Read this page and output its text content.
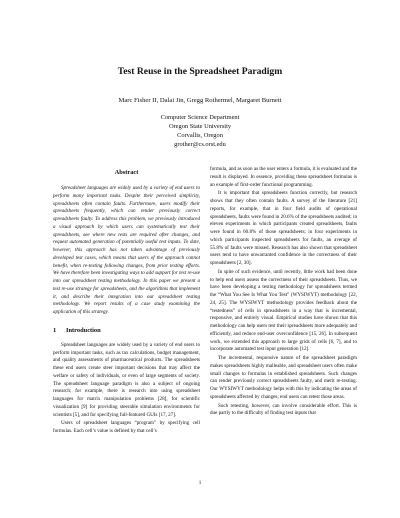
Test Reuse in the Spreadsheet Paradigm
Marc Fisher II, Dalai Jin, Gregg Rothermel, Margaret Burnett
Computer Science Department
Oregon State University
Corvallis, Oregon
grother@cs.orst.edu
Abstract

Spreadsheet languages are widely used by a variety of end users to perform many important tasks. Despite their perceived simplicity, spreadsheets often contain faults. Furthermore, users modify their spreadsheets frequently, which can render previously correct spreadsheets faulty. To address this problem, we previously introduced a visual approach by which users can systematically test their spreadsheets, see where new tests are required after changes, and request automated generation of potentially useful test inputs. To date, however, this approach has not taken advantage of previously developed test cases, which means that users of the approach cannot benefit, when re-testing following changes, from prior testing efforts. We have therefore been investigating ways to add support for test re-use into our spreadsheet testing methodology. In this paper we present a test re-use strategy for spreadsheets, and the algorithms that implement it, and describe their integration into our spreadsheet testing methodology. We report results of a case study examining the application of this strategy.

1 Introduction

Spreadsheet languages are widely used by a variety of end users to perform important tasks, such as tax calculations, budget management, and quality assessments of pharmaceutical products. The spreadsheets these end users create steer important decisions that may affect the welfare or safety of individuals, or even of large segments of society. The spreadsheet language paradigm is also a subject of ongoing research; for example, there is research into using spreadsheet languages for matrix manipulation problems [28], for scientific visualization [9] for providing steerable simulation environments for scientists [5], and for specifying full-featured GUIs [17, 27].

Users of spreadsheet languages “program” by specifying cell formulas. Each cell’s value is defined by that cell’s

formula, and as soon as the user enters a formula, it is evaluated and the result is displayed. In essence, providing these spreadsheet formulas is an example of first-order functional programming.

It is important that spreadsheets function correctly, but research shows that they often contain faults. A survey of the literature [21] reports, for example, that in four field audits of operational spreadsheets, faults were found in 20.6% of the spreadsheets audited; in eleven experiments in which participants created spreadsheets, faults were found in 60.8% of those spreadsheets; in four experiments in which participants inspected spreadsheets for faults, an average of 55.8% of faults were missed. Research has also shown that spreadsheet users tend to have unwarranted confidence in the correctness of their spreadsheets [2, 30].

In spite of such evidence, until recently, little work had been done to help end users assess the correctness of their spreadsheets. Thus, we have been developing a testing methodology for spreadsheets termed the “What You See Is What You Test” (WYSIWYT) methodology [22, 24, 25]. The WYSIWYT methodology provides feedback about the “testedness” of cells in spreadsheets in a way that is incremental, responsive, and entirely visual. Empirical studies have shown that this methodology can help users test their spreadsheets more adequately and efficiently, and reduce end-user overconfidence [15, 26]. In subsequent work, we extended this approach to large grids of cells [6, 7], and to incorporate automated test input generation [12].

The incremental, responsive nature of the spreadsheet paradigm makes spreadsheets highly malleable, and spreadsheet users often make small changes to formulas in established spreadsheets. Such changes can render previously correct spreadsheets faulty, and merit re-testing. Our WYSIWYT methodology helps with this by indicating the areas of spreadsheets affected by changes; end users can retest those areas.

Such retesting, however, can involve considerable effort. This is due partly to the difficulty of finding test inputs that

1
